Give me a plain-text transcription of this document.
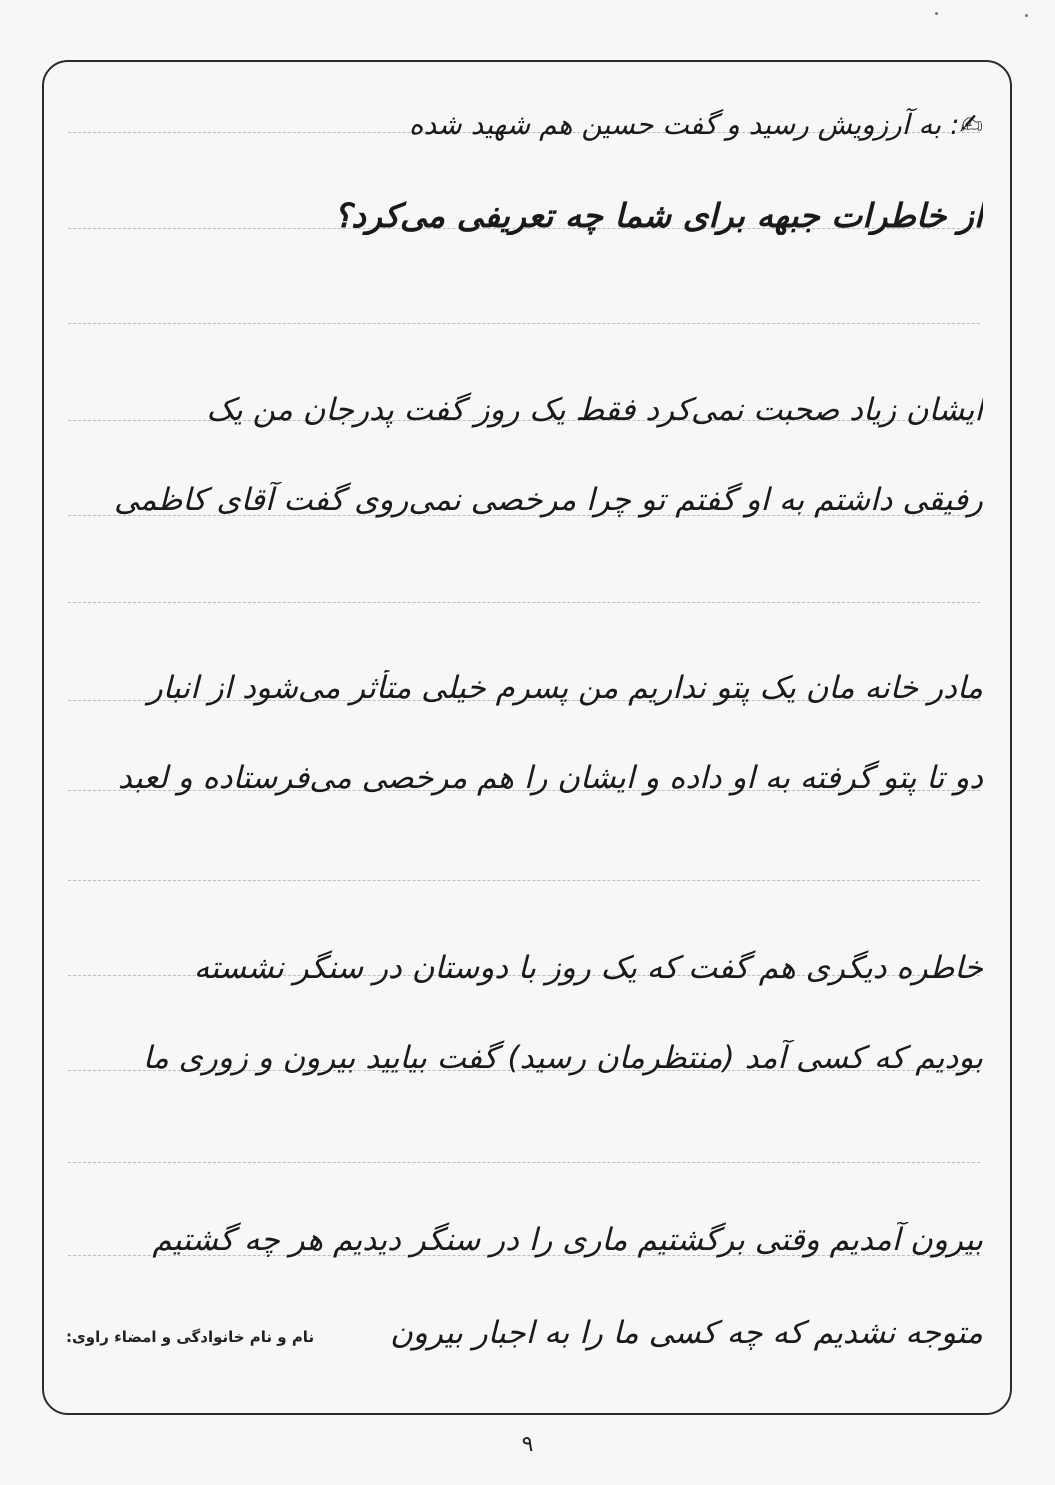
✍: به آرزویش رسید و گفت حسین هم شهید شده
از خاطرات جبهه برای شما چه تعریفی می‌کرد؟
ایشان زیاد صحبت نمی‌کرد فقط یک روز گفت پدرجان من یک
رفیقی داشتم به او گفتم تو چرا مرخصی نمی‌روی گفت آقای کاظمی
مادر خانه مان یک پتو نداریم من پسرم خیلی متأثر می‌شود از انبار
دو تا پتو گرفته به او داده و ایشان را هم مرخصی می‌فرستاده و لعبد
خاطره دیگری هم گفت که یک روز با دوستان در سنگر نشسته
بودیم که کسی آمد (منتظرمان رسید) گفت بیایید بیرون و زوری ما
بیرون آمدیم وقتی برگشتیم ماری را در سنگر دیدیم هر چه گشتیم
متوجه نشدیم که چه کسی ما را به اجبار بیرون
نام و نام خانوادگی و امضاء راوی:
۹
